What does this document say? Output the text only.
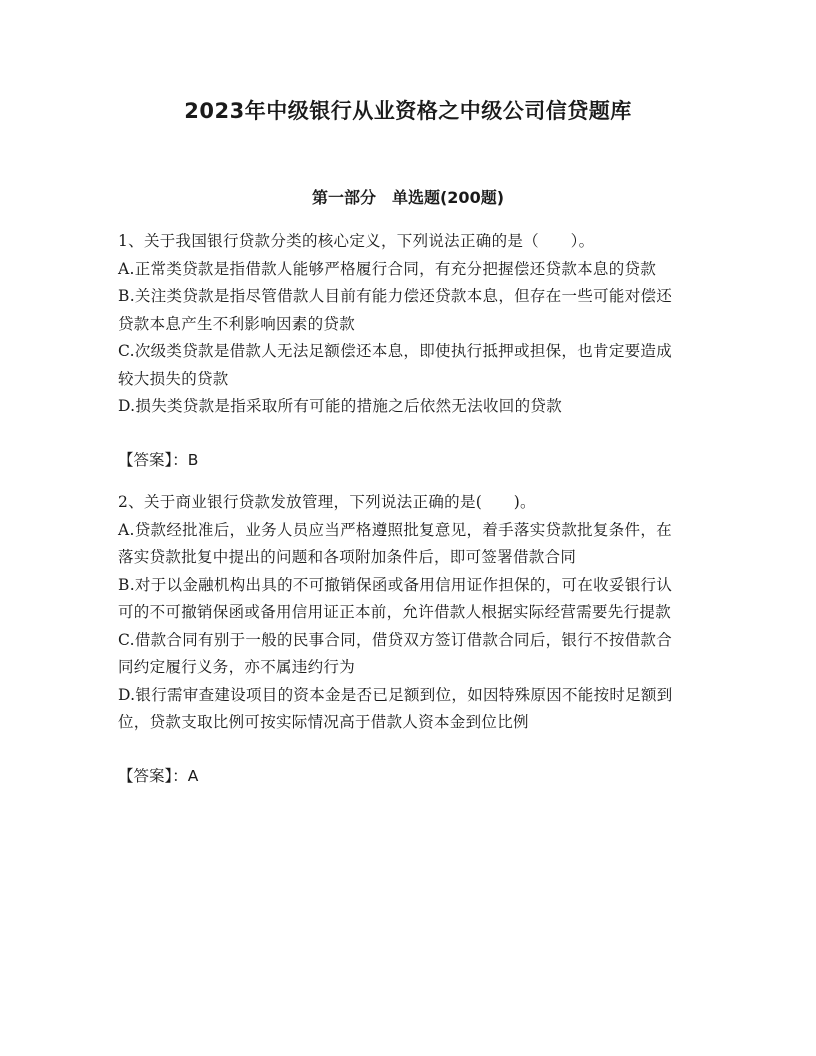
2023年中级银行从业资格之中级公司信贷题库
第一部分　单选题(200题)

1、关于我国银行贷款分类的核心定义，下列说法正确的是（　　）。

A.正常类贷款是指借款人能够严格履行合同，有充分把握偿还贷款本息的贷款

B.关注类贷款是指尽管借款人目前有能力偿还贷款本息，但存在一些可能对偿还贷款本息产生不利影响因素的贷款

C.次级类贷款是借款人无法足额偿还本息，即使执行抵押或担保，也肯定要造成较大损失的贷款

D.损失类贷款是指采取所有可能的措施之后依然无法收回的贷款

【答案】：B

2、关于商业银行贷款发放管理，下列说法正确的是(　　)。

A.贷款经批准后，业务人员应当严格遵照批复意见，着手落实贷款批复条件，在落实贷款批复中提出的问题和各项附加条件后，即可签署借款合同

B.对于以金融机构出具的不可撤销保函或备用信用证作担保的，可在收妥银行认可的不可撤销保函或备用信用证正本前，允许借款人根据实际经营需要先行提款

C.借款合同有别于一般的民事合同，借贷双方签订借款合同后，银行不按借款合同约定履行义务，亦不属违约行为

D.银行需审查建设项目的资本金是否已足额到位，如因特殊原因不能按时足额到位，贷款支取比例可按实际情况高于借款人资本金到位比例

【答案】：A
